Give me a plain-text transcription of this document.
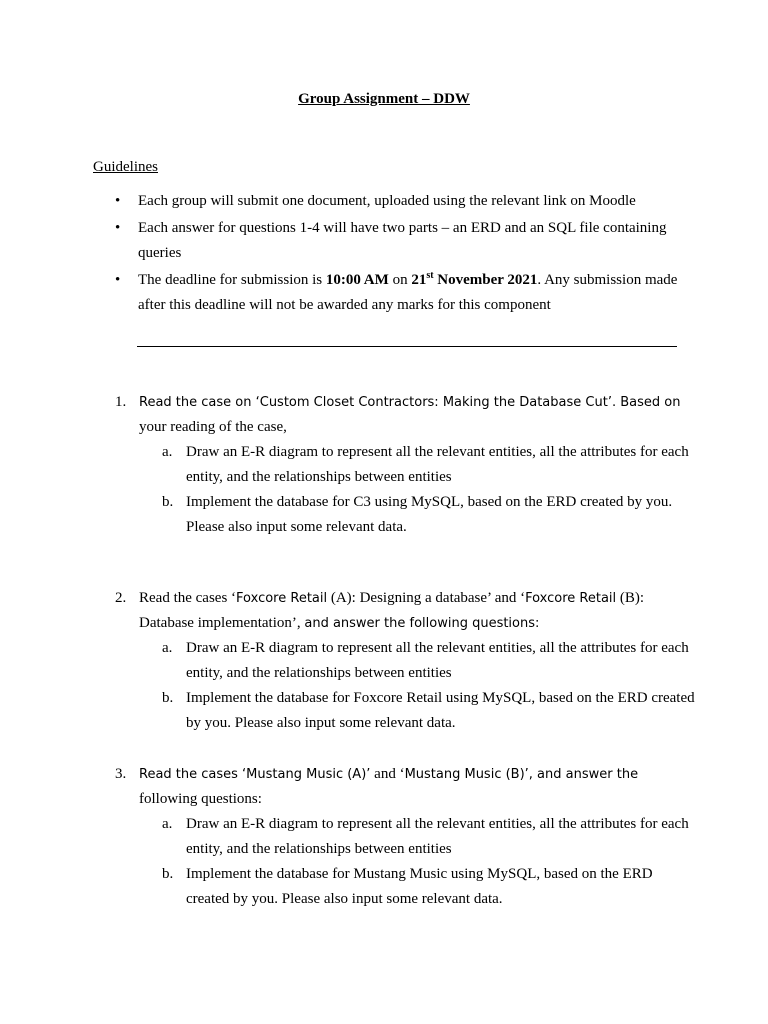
Group Assignment – DDW
Guidelines
• Each group will submit one document, uploaded using the relevant link on Moodle
• Each answer for questions 1-4 will have two parts – an ERD and an SQL file containing queries
• The deadline for submission is 10:00 AM on 21st November 2021. Any submission made after this deadline will not be awarded any marks for this component
1. Read the case on ‘Custom Closet Contractors: Making the Database Cut’. Based on
your reading of the case,
a. Draw an E-R diagram to represent all the relevant entities, all the attributes for each entity, and the relationships between entities
b. Implement the database for C3 using MySQL, based on the ERD created by you. Please also input some relevant data.
2. Read the cases ‘Foxcore Retail (A): Designing a database’ and ‘Foxcore Retail (B):
Database implementation’, and answer the following questions:
a. Draw an E-R diagram to represent all the relevant entities, all the attributes for each entity, and the relationships between entities
b. Implement the database for Foxcore Retail using MySQL, based on the ERD created by you. Please also input some relevant data.
3. Read the cases ‘Mustang Music (A)’ and ‘Mustang Music (B)’, and answer the
following questions:
a. Draw an E-R diagram to represent all the relevant entities, all the attributes for each entity, and the relationships between entities
b. Implement the database for Mustang Music using MySQL, based on the ERD created by you. Please also input some relevant data.
